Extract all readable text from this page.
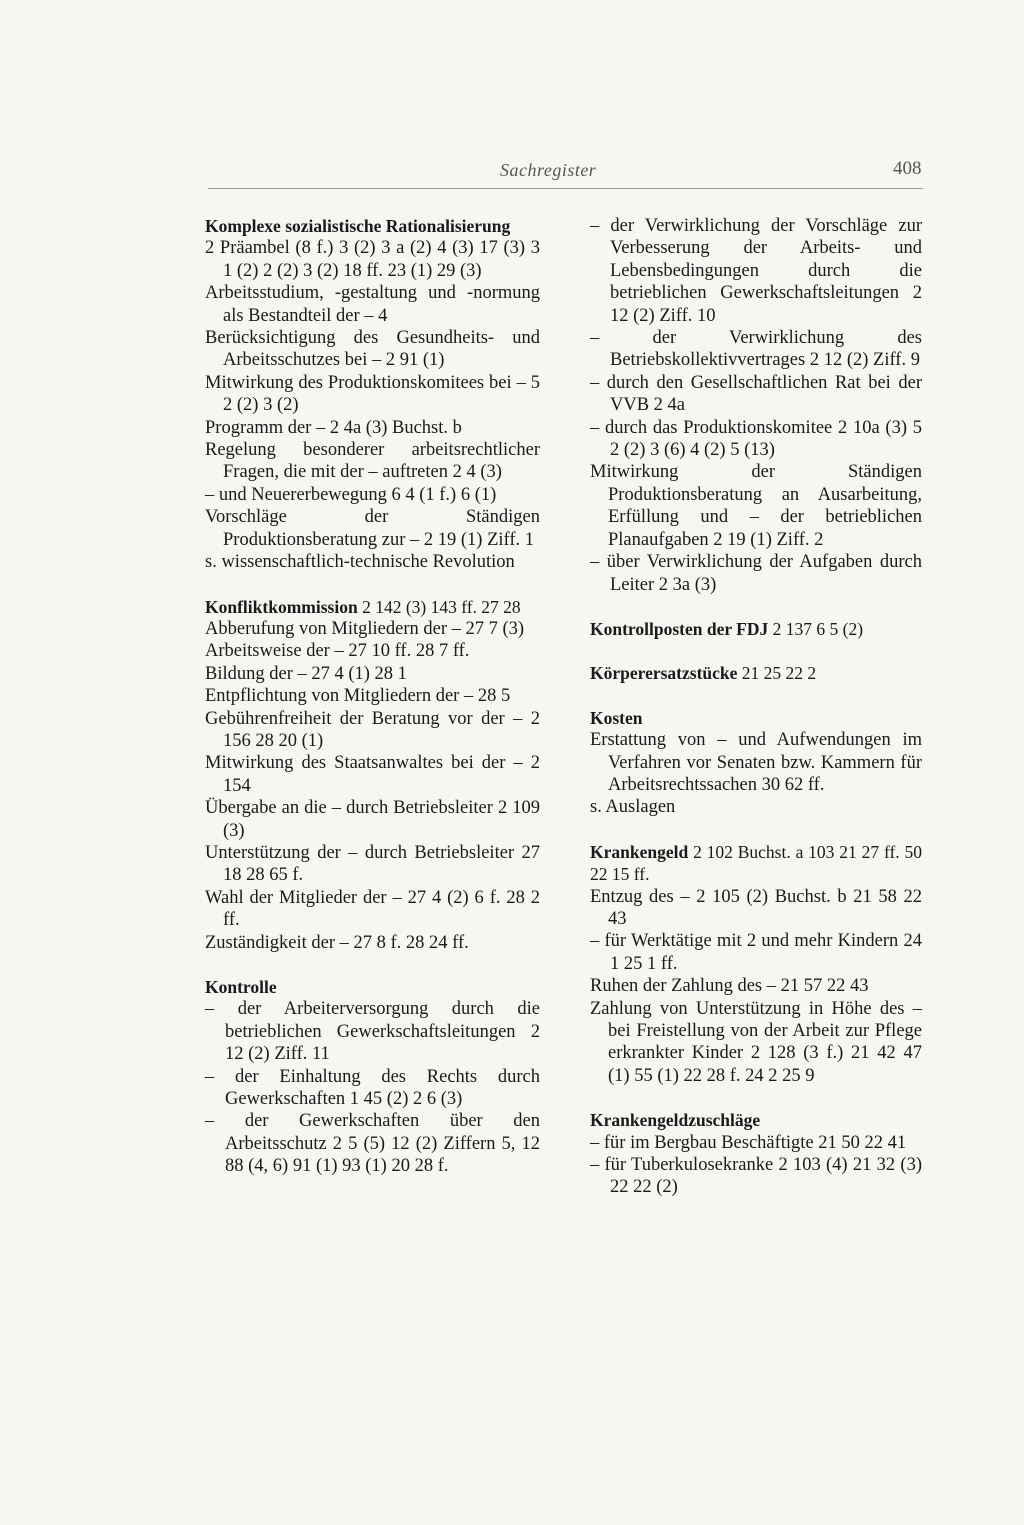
Sachregister	408
Komplexe sozialistische Rationalisierung
2 Präambel (8 f.) 3 (2) 3 a (2) 4 (3) 17 (3) 3 1 (2) 2 (2) 3 (2) 18 ff. 23 (1) 29 (3)
Arbeitsstudium, -gestaltung und -normung als Bestandteil der – 4
Berücksichtigung des Gesundheits- und Arbeitsschutzes bei – 2 91 (1)
Mitwirkung des Produktionskomitees bei – 5 2 (2) 3 (2)
Programm der – 2 4a (3) Buchst. b
Regelung besonderer arbeitsrechtlicher Fragen, die mit der – auftreten 2 4 (3)
– und Neuererbewegung 6 4 (1 f.) 6 (1)
Vorschläge der Ständigen Produktionsberatung zur – 2 19 (1) Ziff. 1
s. wissenschaftlich-technische Revolution
Konfliktkommission 2 142 (3) 143 ff. 27 28
Abberufung von Mitgliedern der – 27 7 (3)
Arbeitsweise der – 27 10 ff. 28 7 ff.
Bildung der – 27 4 (1) 28 1
Entpflichtung von Mitgliedern der – 28 5
Gebührenfreiheit der Beratung vor der – 2 156 28 20 (1)
Mitwirkung des Staatsanwaltes bei der – 2 154
Übergabe an die – durch Betriebsleiter 2 109 (3)
Unterstützung der – durch Betriebsleiter 27 18 28 65 f.
Wahl der Mitglieder der – 27 4 (2) 6 f. 28 2 ff.
Zuständigkeit der – 27 8 f. 28 24 ff.
Kontrolle
– der Arbeiterversorgung durch die betrieblichen Gewerkschaftsleitungen 2 12 (2) Ziff. 11
– der Einhaltung des Rechts durch Gewerkschaften 1 45 (2) 2 6 (3)
– der Gewerkschaften über den Arbeitsschutz 2 5 (5) 12 (2) Ziffern 5, 12 88 (4, 6) 91 (1) 93 (1) 20 28 f.
– der Verwirklichung der Vorschläge zur Verbesserung der Arbeits- und Lebensbedingungen durch die betrieblichen Gewerkschaftsleitungen 2 12 (2) Ziff. 10
– der Verwirklichung des Betriebskollektivvertrages 2 12 (2) Ziff. 9
– durch den Gesellschaftlichen Rat bei der VVB 2 4a
– durch das Produktionskomitee 2 10a (3) 5 2 (2) 3 (6) 4 (2) 5 (13)
Mitwirkung der Ständigen Produktionsberatung an Ausarbeitung, Erfüllung und – der betrieblichen Planaufgaben 2 19 (1) Ziff. 2
– über Verwirklichung der Aufgaben durch Leiter 2 3a (3)
Kontrollposten der FDJ 2 137 6 5 (2)
Körperersatzstücke 21 25 22 2
Kosten
Erstattung von – und Aufwendungen im Verfahren vor Senaten bzw. Kammern für Arbeitsrechtssachen 30 62 ff.
s. Auslagen
Krankengeld 2 102 Buchst. a 103 21 27 ff. 50 22 15 ff.
Entzug des – 2 105 (2) Buchst. b 21 58 22 43
– für Werktätige mit 2 und mehr Kindern 24 1 25 1 ff.
Ruhen der Zahlung des – 21 57 22 43
Zahlung von Unterstützung in Höhe des – bei Freistellung von der Arbeit zur Pflege erkrankter Kinder 2 128 (3 f.) 21 42 47 (1) 55 (1) 22 28 f. 24 2 25 9
Krankengeldzuschläge
– für im Bergbau Beschäftigte 21 50 22 41
– für Tuberkulosekranke 2 103 (4) 21 32 (3) 22 22 (2)
